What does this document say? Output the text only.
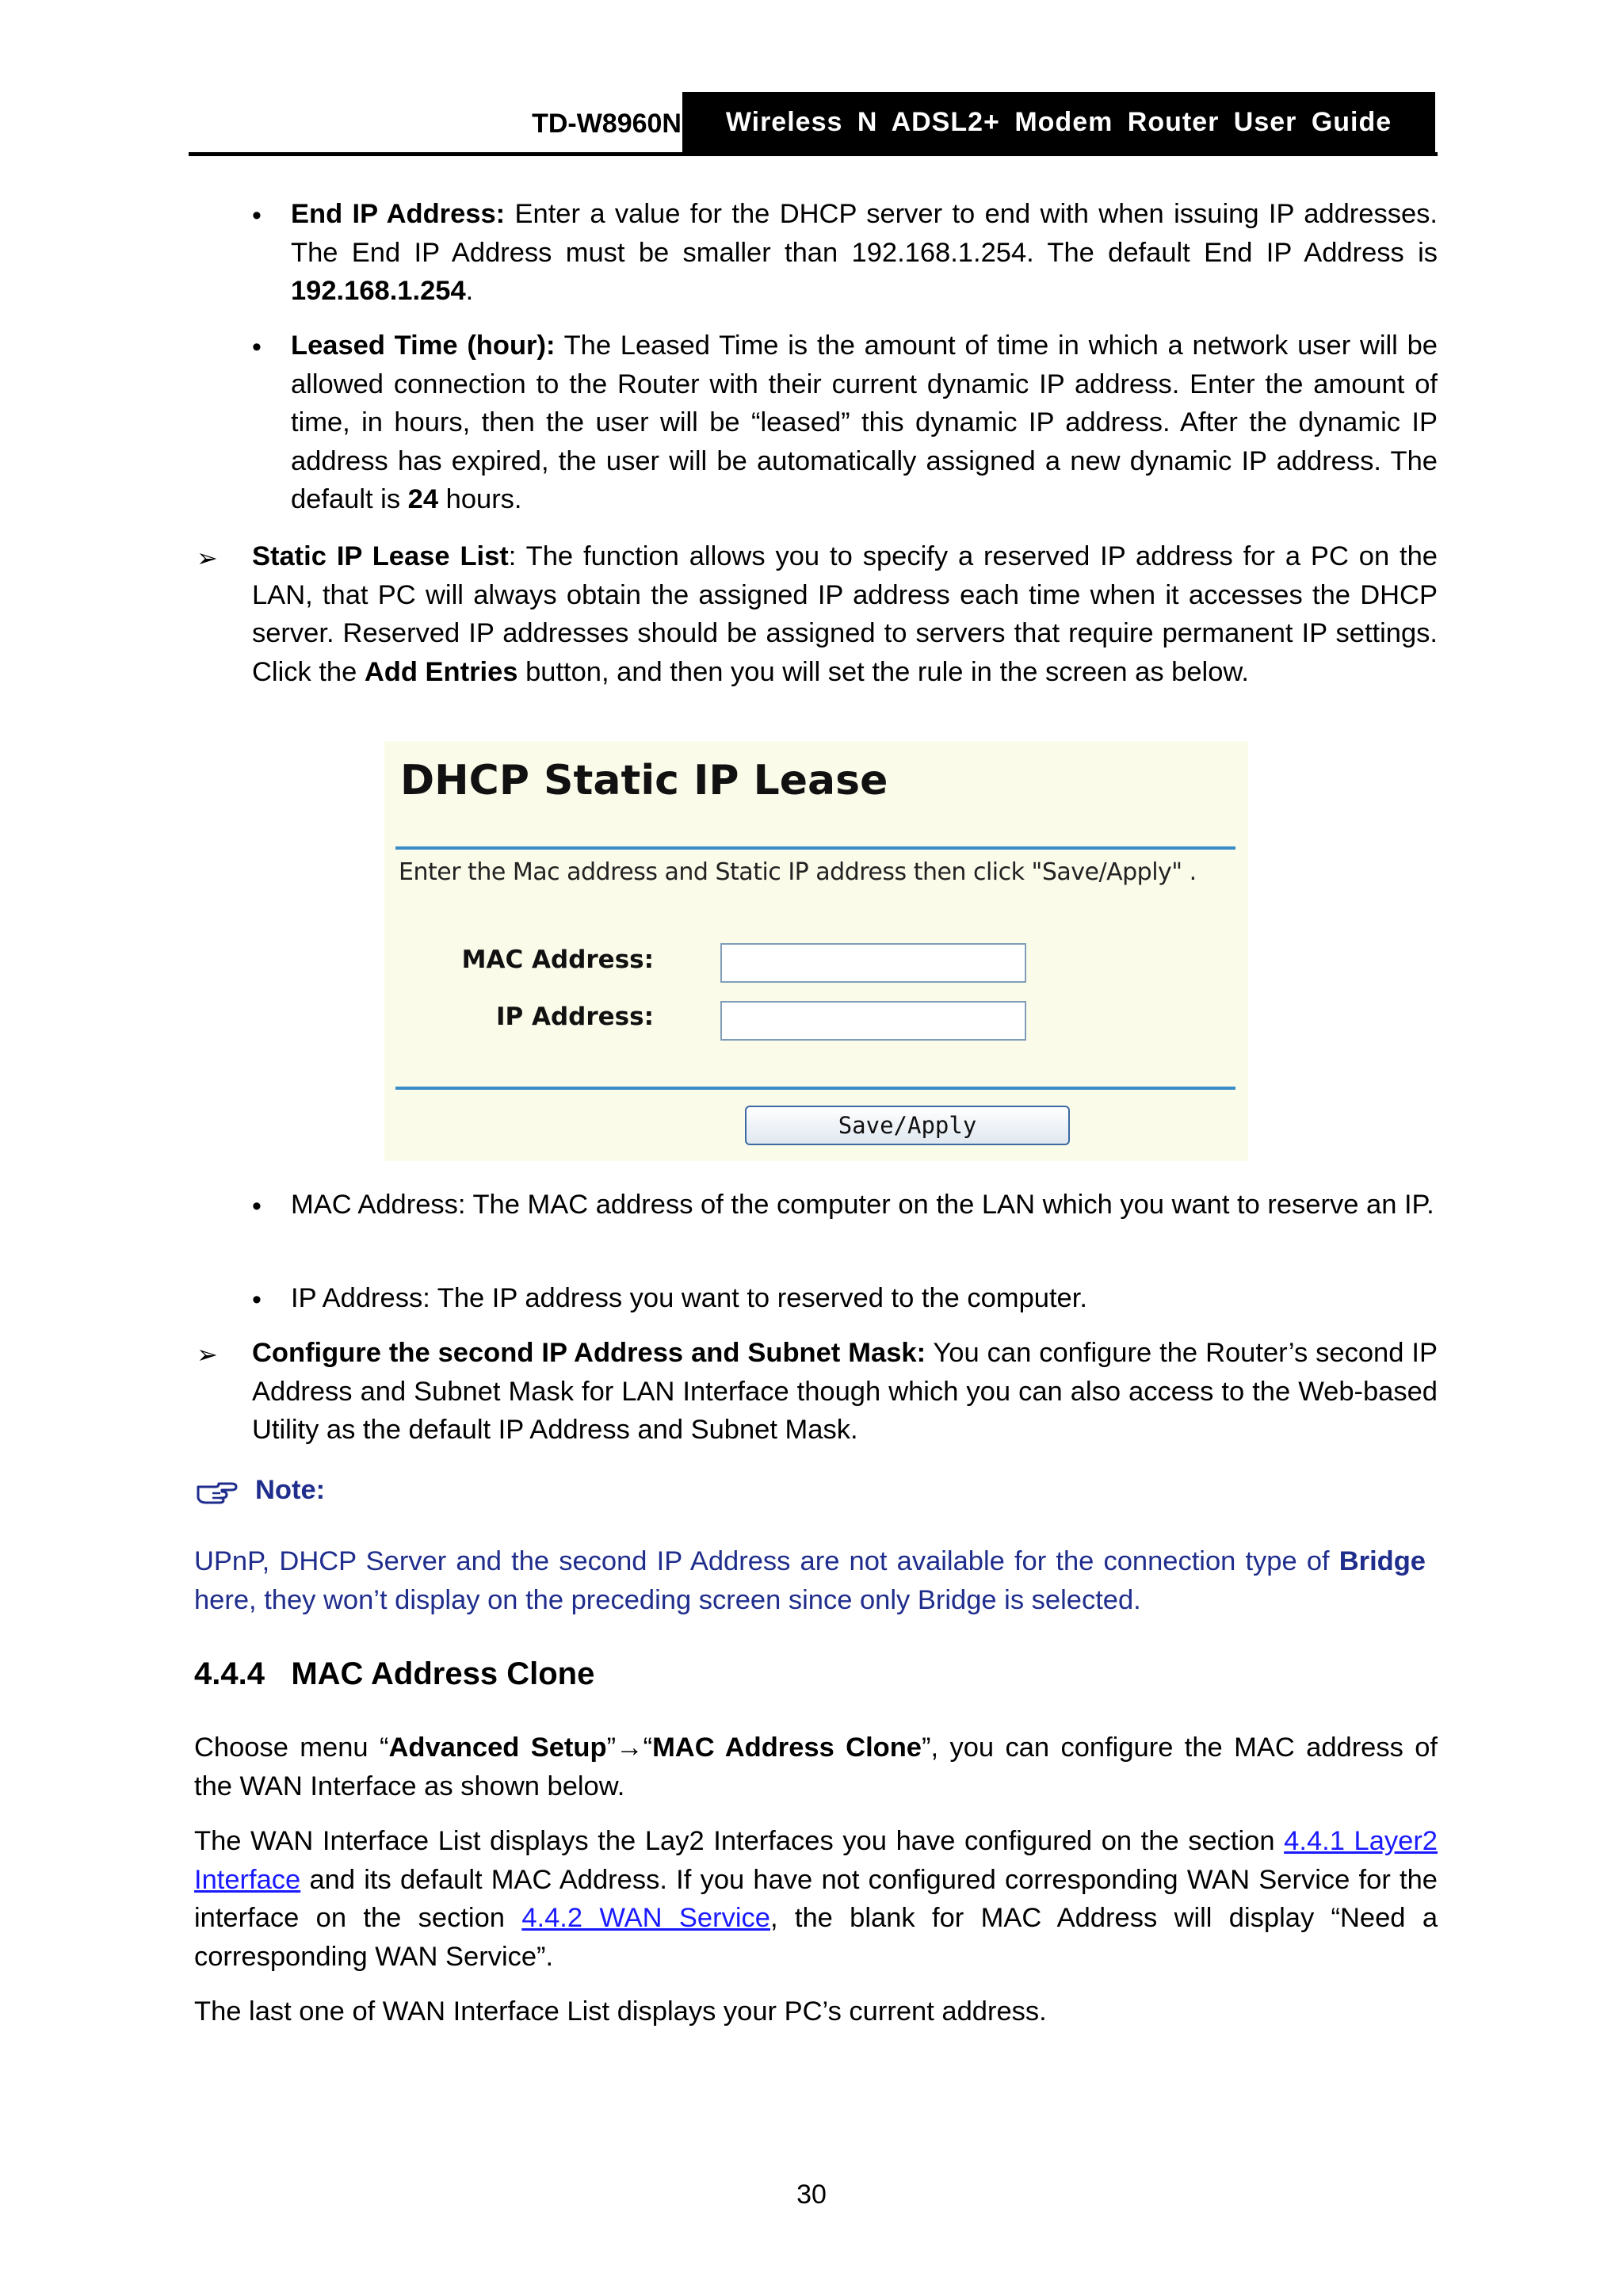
TD-W8960N	Wireless N ADSL2+ Modem Router User Guide
• End IP Address: Enter a value for the DHCP server to end with when issuing IP addresses. The End IP Address must be smaller than 192.168.1.254. The default End IP Address is 192.168.1.254.
• Leased Time (hour): The Leased Time is the amount of time in which a network user will be allowed connection to the Router with their current dynamic IP address. Enter the amount of time, in hours, then the user will be “leased” this dynamic IP address. After the dynamic IP address has expired, the user will be automatically assigned a new dynamic IP address. The default is 24 hours.
➢ Static IP Lease List: The function allows you to specify a reserved IP address for a PC on the LAN, that PC will always obtain the assigned IP address each time when it accesses the DHCP server. Reserved IP addresses should be assigned to servers that require permanent IP settings. Click the Add Entries button, and then you will set the rule in the screen as below.
DHCP Static IP Lease
Enter the Mac address and Static IP address then click "Save/Apply" .
MAC Address:
IP Address:
Save/Apply
• MAC Address: The MAC address of the computer on the LAN which you want to reserve an IP.
• IP Address: The IP address you want to reserved to the computer.
➢ Configure the second IP Address and Subnet Mask: You can configure the Router’s second IP Address and Subnet Mask for LAN Interface though which you can also access to the Web-based Utility as the default IP Address and Subnet Mask.
Note:
UPnP, DHCP Server and the second IP Address are not available for the connection type of Bridge here, they won’t display on the preceding screen since only Bridge is selected.
4.4.4 MAC Address Clone
Choose menu “Advanced Setup”→“MAC Address Clone”, you can configure the MAC address of the WAN Interface as shown below.
The WAN Interface List displays the Lay2 Interfaces you have configured on the section 4.4.1 Layer2 Interface and its default MAC Address. If you have not configured corresponding WAN Service for the interface on the section 4.4.2 WAN Service, the blank for MAC Address will display “Need a corresponding WAN Service”.
The last one of WAN Interface List displays your PC’s current address.
30
